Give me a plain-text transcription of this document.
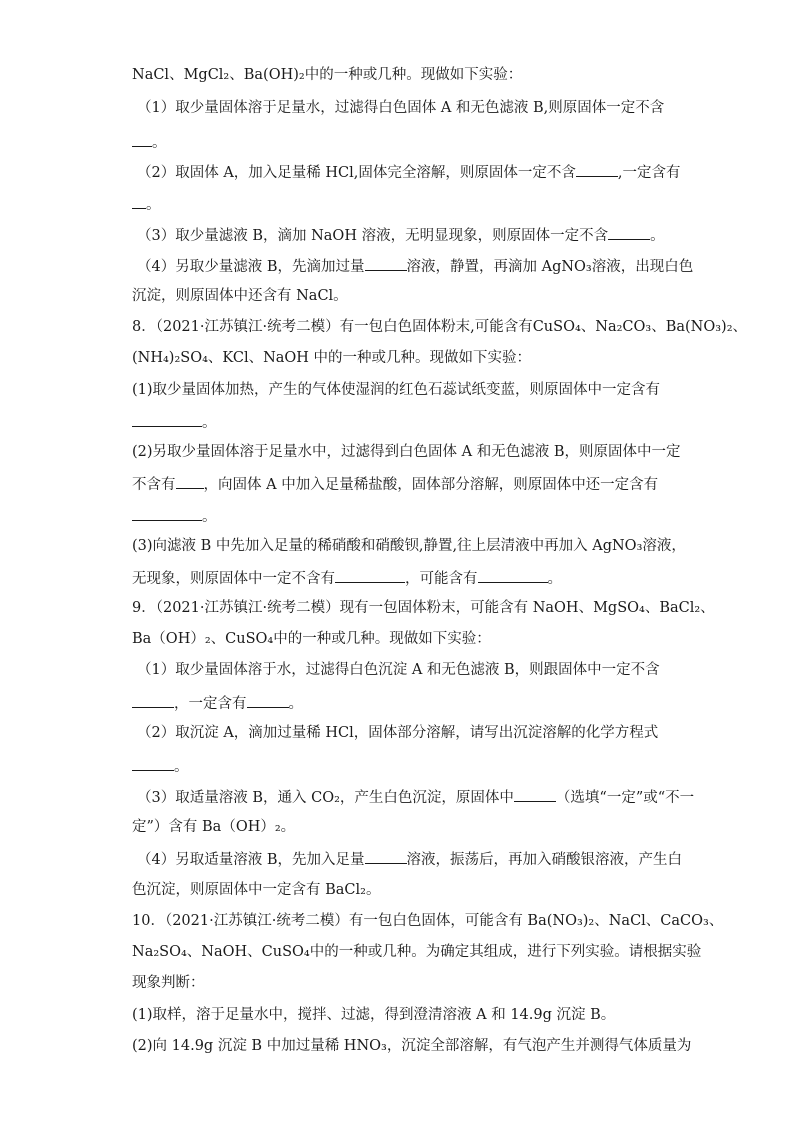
NaCl、MgCl₂、Ba(OH)₂中的一种或几种。现做如下实验：
（1）取少量固体溶于足量水，过滤得白色固体 A 和无色滤液 B,则原固体一定不含
。
（2）取固体 A，加入足量稀 HCl,固体完全溶解，则原固体一定不含	,一定含有
。
（3）取少量滤液 B，滴加 NaOH 溶液，无明显现象，则原固体一定不含	。
（4）另取少量滤液 B，先滴加过量	溶液，静置，再滴加 AgNO₃溶液，出现白色
沉淀，则原固体中还含有 NaCl。
8．（2021·江苏镇江·统考二模）有一包白色固体粉末,可能含有CuSO₄、Na₂CO₃、Ba(NO₃)₂、
(NH₄)₂SO₄、KCl、NaOH 中的一种或几种。现做如下实验：
(1)取少量固体加热，产生的气体使湿润的红色石蕊试纸变蓝，则原固体中一定含有
。
(2)另取少量固体溶于足量水中，过滤得到白色固体 A 和无色滤液 B，则原固体中一定
不含有 ，向固体 A 中加入足量稀盐酸，固体部分溶解，则原固体中还一定含有
。
(3)向滤液 B 中先加入足量的稀硝酸和硝酸钡,静置,往上层清液中再加入 AgNO₃溶液，
无现象，则原固体中一定不含有	，可能含有	。
9．（2021·江苏镇江·统考二模）现有一包固体粉末，可能含有 NaOH、MgSO₄、BaCl₂、
Ba（OH）₂、CuSO₄中的一种或几种。现做如下实验：
（1）取少量固体溶于水，过滤得白色沉淀 A 和无色滤液 B，则跟固体中一定不含
，一定含有	。
（2）取沉淀 A，滴加过量稀 HCl，固体部分溶解，请写出沉淀溶解的化学方程式
。
（3）取适量溶液 B，通入 CO₂，产生白色沉淀，原固体中	（选填“一定”或“不一
定”）含有 Ba（OH）₂。
（4）另取适量溶液 B，先加入足量	溶液，振荡后，再加入硝酸银溶液，产生白
色沉淀，则原固体中一定含有 BaCl₂。
10．（2021·江苏镇江·统考二模）有一包白色固体，可能含有 Ba(NO₃)₂、NaCl、CaCO₃、
Na₂SO₄、NaOH、CuSO₄中的一种或几种。为确定其组成，进行下列实验。请根据实验
现象判断：
(1)取样，溶于足量水中，搅拌、过滤，得到澄清溶液 A 和 14.9g 沉淀 B。
(2)向 14.9g 沉淀 B 中加过量稀 HNO₃，沉淀全部溶解，有气泡产生并测得气体质量为
